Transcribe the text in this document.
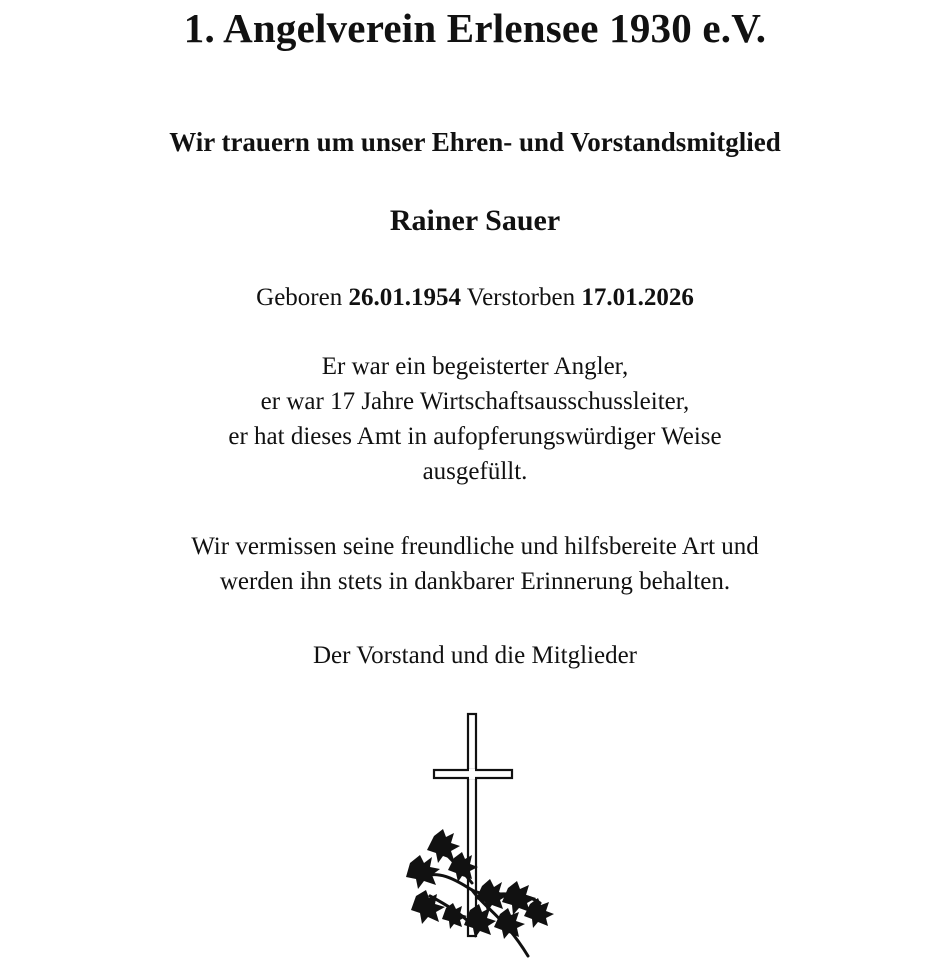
1. Angelverein Erlensee 1930 e.V.
Wir trauern um unser Ehren- und Vorstandsmitglied
Rainer Sauer
Geboren 26.01.1954 Verstorben 17.01.2026
Er war ein begeisterter Angler,
er war 17 Jahre Wirtschaftsausschussleiter,
er hat dieses Amt in aufopferungswürdiger Weise
ausgefüllt.
Wir vermissen seine freundliche und hilfsbereite Art und
werden ihn stets in dankbarer Erinnerung behalten.
Der Vorstand und die Mitglieder
